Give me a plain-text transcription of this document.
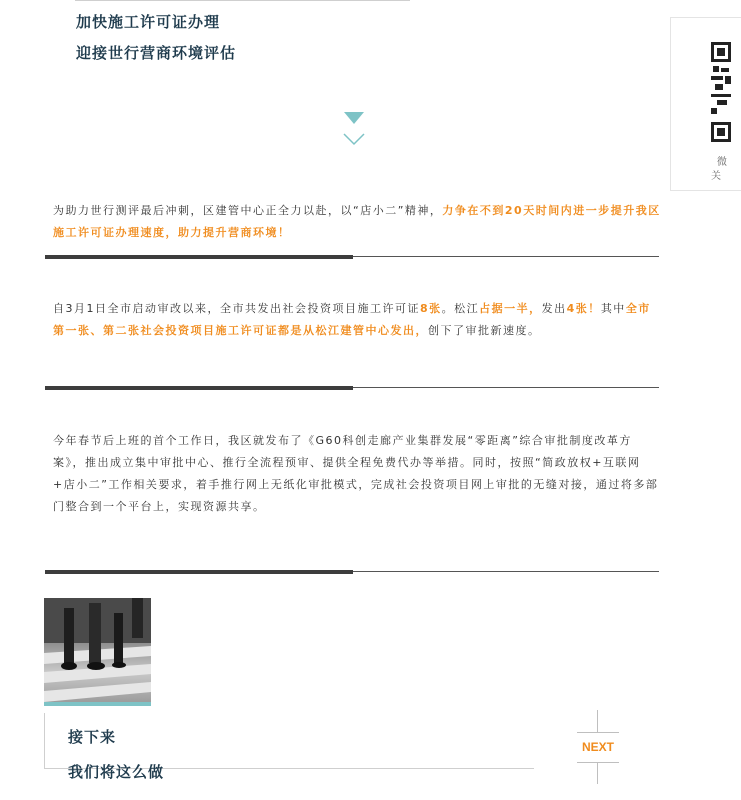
加快施工许可证办理
迎接世行营商环境评估
微
关
为助力世行测评最后冲刺，区建管中心正全力以赴，以“店小二”精神，力争在不到20天时间内进一步提升我区施工许可证办理速度，助力提升营商环境！
自3月1日全市启动审改以来，全市共发出社会投资项目施工许可证8张。松江占据一半，发出4张！其中全市第一张、第二张社会投资项目施工许可证都是从松江建管中心发出，创下了审批新速度。
今年春节后上班的首个工作日，我区就发布了《G60科创走廊产业集群发展“零距离”综合审批制度改革方案》，推出成立集中审批中心、推行全流程预审、提供全程免费代办等举措。同时，按照“简政放权+互联网+店小二”工作相关要求，着手推行网上无纸化审批模式，完成社会投资项目网上审批的无缝对接，通过将多部门整合到一个平台上，实现资源共享。
接下来
我们将这么做
NEXT
